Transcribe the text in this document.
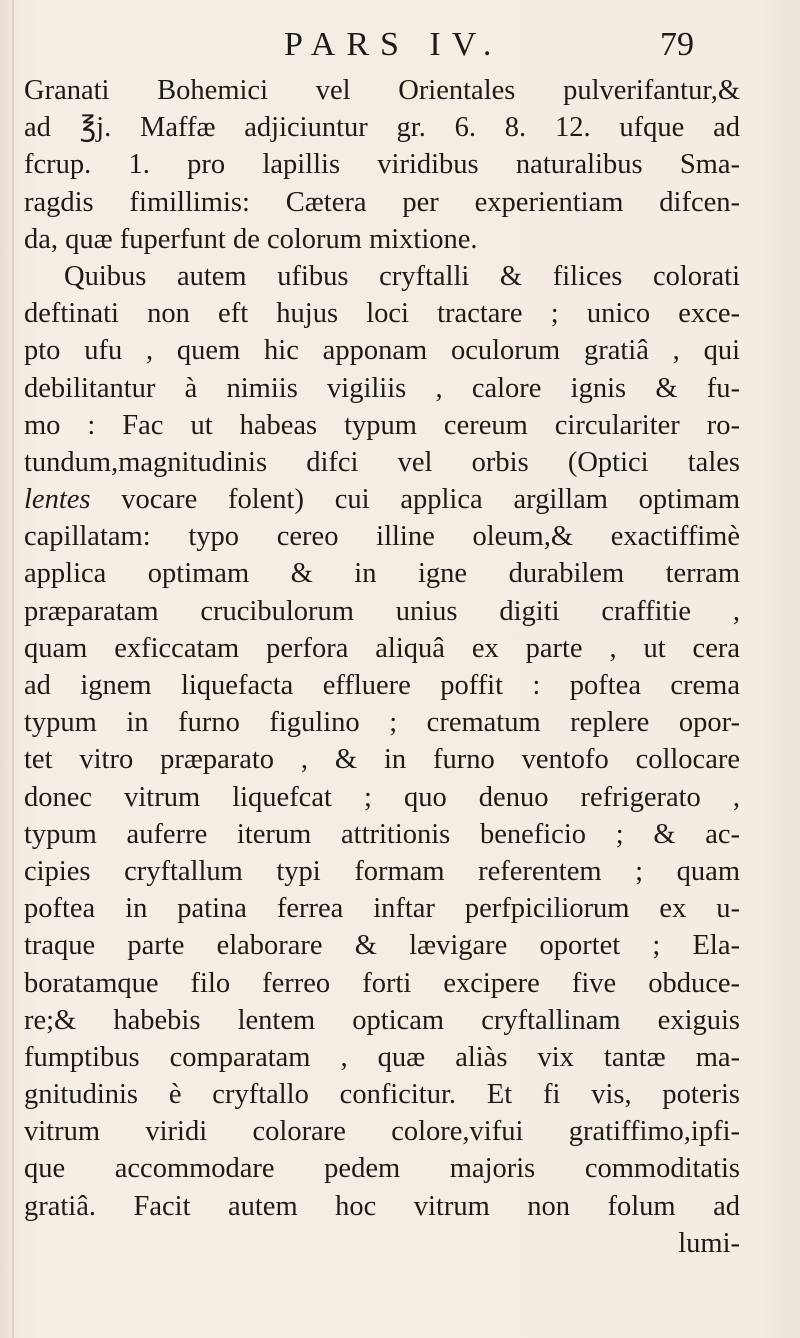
PARS IV.	79
Granati Bohemici vel Orientales pulverifantur,&
ad ℥j. Maffæ adjiciuntur gr. 6. 8. 12. ufque ad
fcrup. 1. pro lapillis viridibus naturalibus Sma-
ragdis fimillimis: Cætera per experientiam difcen-
da, quæ fuperfunt de colorum mixtione.
Quibus autem ufibus cryftalli & filices colorati
deftinati non eft hujus loci tractare ; unico exce-
pto ufu , quem hic apponam oculorum gratiâ , qui
debilitantur à nimiis vigiliis , calore ignis & fu-
mo : Fac ut habeas typum cereum circulariter ro-
tundum,magnitudinis difci vel orbis (Optici tales
lentes vocare folent) cui applica argillam optimam
capillatam: typo cereo illine oleum,& exactiffimè
applica optimam & in igne durabilem terram
præparatam crucibulorum unius digiti craffitie ,
quam exficcatam perfora aliquâ ex parte , ut cera
ad ignem liquefacta effluere poffit : poftea crema
typum in furno figulino ; crematum replere opor-
tet vitro præparato , & in furno ventofo collocare
donec vitrum liquefcat ; quo denuo refrigerato ,
typum auferre iterum attritionis beneficio ; & ac-
cipies cryftallum typi formam referentem ; quam
poftea in patina ferrea inftar perfpiciliorum ex u-
traque parte elaborare & lævigare oportet ; Ela-
boratamque filo ferreo forti excipere five obduce-
re;& habebis lentem opticam cryftallinam exiguis
fumptibus comparatam , quæ aliàs vix tantæ ma-
gnitudinis è cryftallo conficitur. Et fi vis, poteris
vitrum viridi colorare colore,vifui gratiffimo,ipfi-
que accommodare pedem majoris commoditatis
gratiâ. Facit autem hoc vitrum non folum ad
lumi-
